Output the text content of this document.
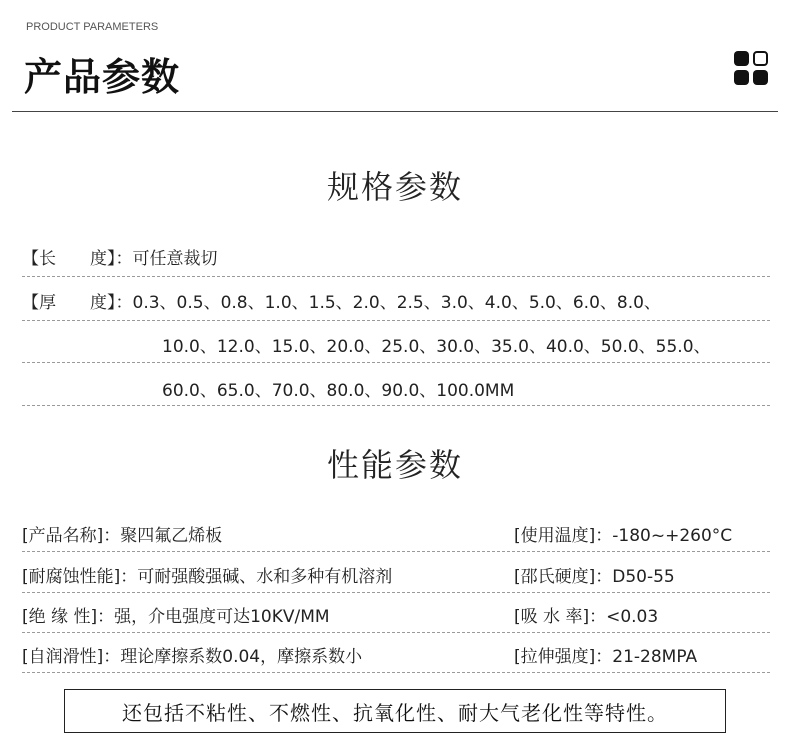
PRODUCT PARAMETERS
产品参数
规格参数
【长　　度】：可任意裁切
【厚　　度】：0.3、0.5、0.8、1.0、1.5、2.0、2.5、3.0、4.0、5.0、6.0、8.0、
10.0、12.0、15.0、20.0、25.0、30.0、35.0、40.0、50.0、55.0、
60.0、65.0、70.0、80.0、90.0、100.0MM
性能参数
[产品名称]：聚四氟乙烯板	[使用温度]：-180~+260°C
[耐腐蚀性能]：可耐强酸强碱、水和多种有机溶剂	[邵氏硬度]：D50-55
[绝 缘 性]：强，介电强度可达10KV/MM	[吸 水 率]：<0.03
[自润滑性]：理论摩擦系数0.04，摩擦系数小	[拉伸强度]：21-28MPA
还包括不粘性、不燃性、抗氧化性、耐大气老化性等特性。
